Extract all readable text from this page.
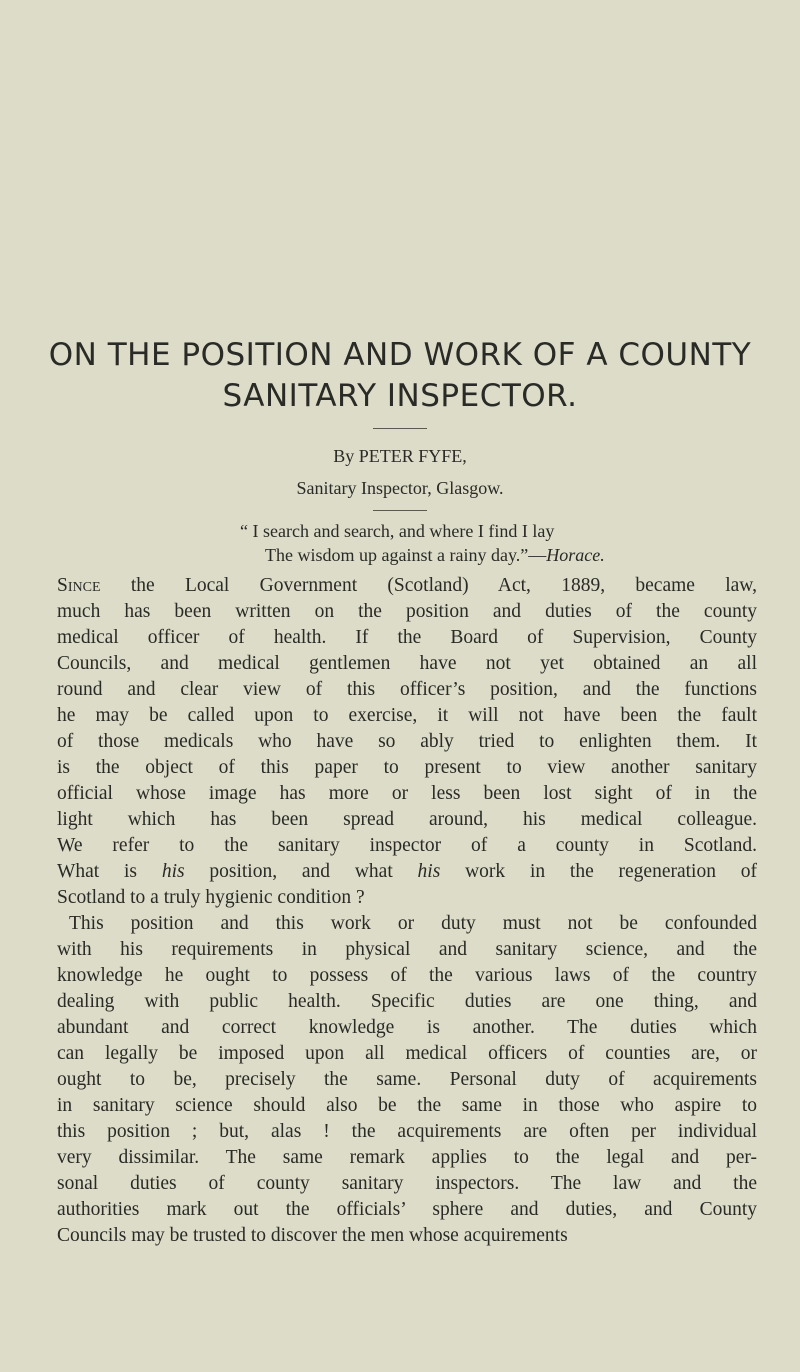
ON THE POSITION AND WORK OF A COUNTY
SANITARY INSPECTOR.
By PETER FYFE,
Sanitary Inspector, Glasgow.
“ I search and search, and where I find I lay
The wisdom up against a rainy day.”—Horace.
Since the Local Government (Scotland) Act, 1889, became law,
much has been written on the position and duties of the county
medical officer of health. If the Board of Supervision, County
Councils, and medical gentlemen have not yet obtained an all
round and clear view of this officer’s position, and the functions
he may be called upon to exercise, it will not have been the fault
of those medicals who have so ably tried to enlighten them. It
is the object of this paper to present to view another sanitary
official whose image has more or less been lost sight of in the
light which has been spread around, his medical colleague.
We refer to the sanitary inspector of a county in Scotland.
What is his position, and what his work in the regeneration of
Scotland to a truly hygienic condition ?
This position and this work or duty must not be confounded
with his requirements in physical and sanitary science, and the
knowledge he ought to possess of the various laws of the country
dealing with public health. Specific duties are one thing, and
abundant and correct knowledge is another. The duties which
can legally be imposed upon all medical officers of counties are, or
ought to be, precisely the same. Personal duty of acquirements
in sanitary science should also be the same in those who aspire to
this position ; but, alas ! the acquirements are often per individual
very dissimilar. The same remark applies to the legal and per-
sonal duties of county sanitary inspectors. The law and the
authorities mark out the officials’ sphere and duties, and County
Councils may be trusted to discover the men whose acquirements
